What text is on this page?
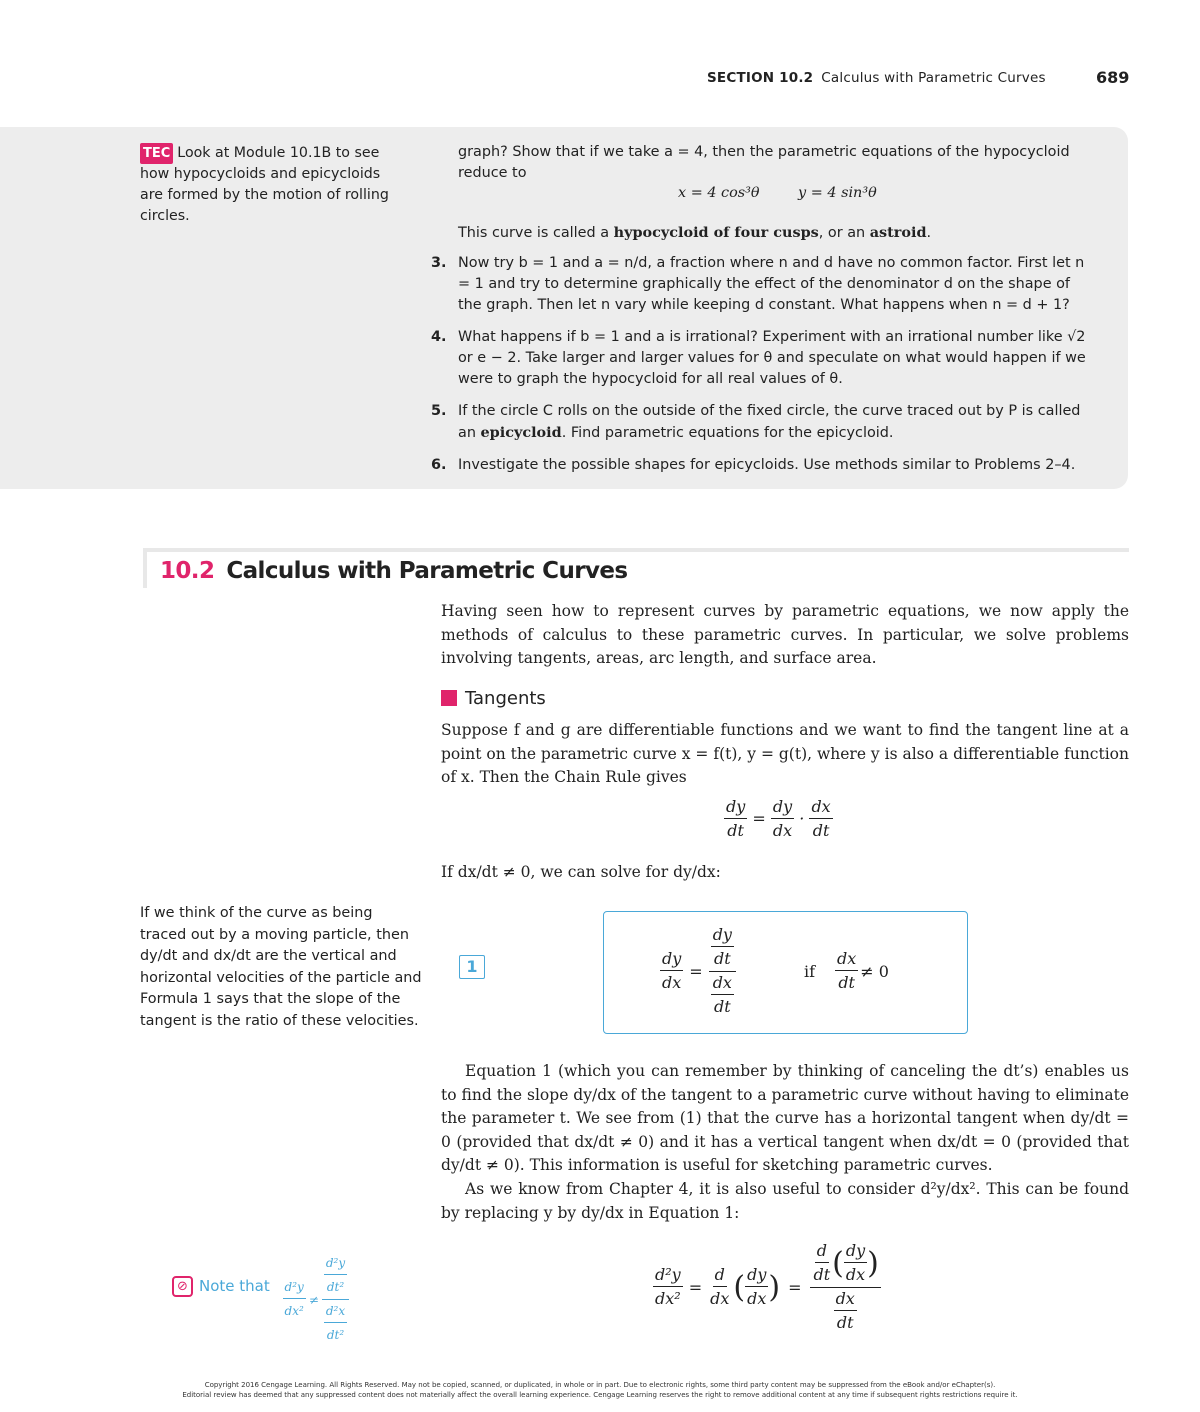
SECTION 10.2 Calculus with Parametric Curves	689
TEC Look at Module 10.1B to see how hypocycloids and epicycloids are formed by the motion of rolling circles.
graph? Show that if we take a = 4, then the parametric equations of the hypocycloid
reduce to
x = 4 cos³θ	y = 4 sin³θ
This curve is called a hypocycloid of four cusps, or an astroid.
3. Now try b = 1 and a = n/d, a fraction where n and d have no common factor. First let n = 1 and try to determine graphically the effect of the denominator d on the shape of the graph. Then let n vary while keeping d constant. What happens when n = d + 1?
4. What happens if b = 1 and a is irrational? Experiment with an irrational number like √2 or e − 2. Take larger and larger values for θ and speculate on what would happen if we were to graph the hypocycloid for all real values of θ.
5. If the circle C rolls on the outside of the fixed circle, the curve traced out by P is called an epicycloid. Find parametric equations for the epicycloid.
6. Investigate the possible shapes for epicycloids. Use methods similar to Problems 2–4.
10.2 Calculus with Parametric Curves
Having seen how to represent curves by parametric equations, we now apply the methods of calculus to these parametric curves. In particular, we solve problems involving tangents, areas, arc length, and surface area.
Tangents
Suppose f and g are differentiable functions and we want to find the tangent line at a point on the parametric curve x = f(t), y = g(t), where y is also a differentiable function of x. Then the Chain Rule gives
$\frac{dy}{dt} = \frac{dy}{dx} \cdot \frac{dx}{dt}$
If dx/dt ≠ 0, we can solve for dy/dx:
If we think of the curve as being traced out by a moving particle, then dy/dt and dx/dt are the vertical and horizontal velocities of the particle and Formula 1 says that the slope of the tangent is the ratio of these velocities.
1	$\frac{dy}{dx} = \frac{\frac{dy}{dt}}{\frac{dx}{dt}}$	if $\frac{dx}{dt} \ne 0$
Equation 1 (which you can remember by thinking of canceling the dt’s) enables us to find the slope dy/dx of the tangent to a parametric curve without having to eliminate the parameter t. We see from (1) that the curve has a horizontal tangent when dy/dt = 0 (provided that dx/dt ≠ 0) and it has a vertical tangent when dx/dt = 0 (provided that dy/dt ≠ 0). This information is useful for sketching parametric curves.
As we know from Chapter 4, it is also useful to consider d²y/dx². This can be found by replacing y by dy/dx in Equation 1:
⊘ Note that $\frac{\text{d²y}}{\text{dx²}} \ne \frac{\frac{\text{d²y}}{\text{dt²}}}{\frac{\text{d²x}}{\text{dt²}}}$	$\frac{\text{d²y}}{\text{dx²}} = \frac{d}{dx}$ ( $\frac{dy}{dx}$ ) = $\frac{\frac{d}{dt} ( \frac{dy}{dx} )}{\frac{dx}{dt}}$
Copyright 2016 Cengage Learning. All Rights Reserved. May not be copied, scanned, or duplicated, in whole or in part. Due to electronic rights, some third party content may be suppressed from the eBook and/or eChapter(s).
Editorial review has deemed that any suppressed content does not materially affect the overall learning experience. Cengage Learning reserves the right to remove additional content at any time if subsequent rights restrictions require it.
